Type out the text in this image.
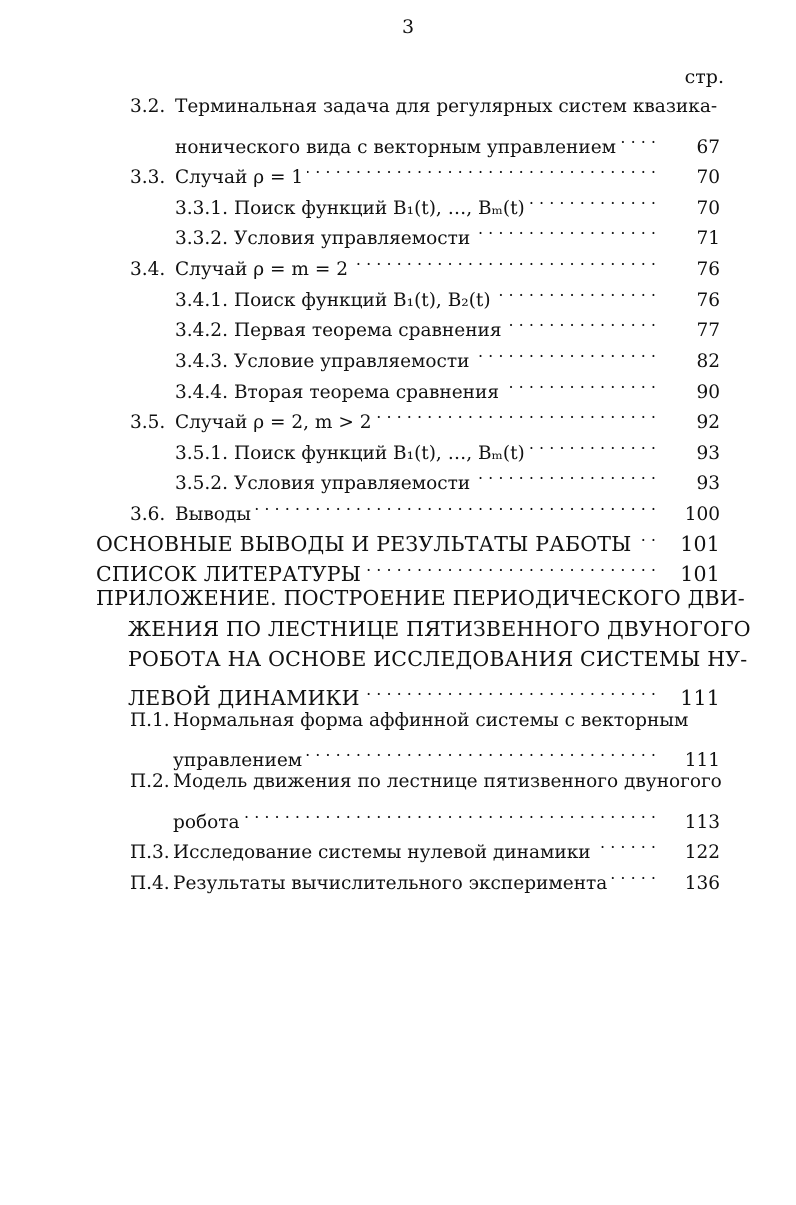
3
стр.
3.2. Терминальная задача для регулярных систем квазика-
нонического вида с векторным управлением . . .	67
3.3. Случай ρ = 1 . . .	70
3.3.1. Поиск функций B₁(t), …, Bₘ(t) . . .	70
3.3.2. Условия управляемости . . .	71
3.4. Случай ρ = m = 2 . . .	76
3.4.1. Поиск функций B₁(t), B₂(t) . . .	76
3.4.2. Первая теорема сравнения . . .	77
3.4.3. Условие управляемости . . .	82
3.4.4. Вторая теорема сравнения . . .	90
3.5. Случай ρ = 2, m > 2 . . .	92
3.5.1. Поиск функций B₁(t), …, Bₘ(t) . . .	93
3.5.2. Условия управляемости . . .	93
3.6. Выводы . . .	100
ОСНОВНЫЕ ВЫВОДЫ И РЕЗУЛЬТАТЫ РАБОТЫ . . .	101
СПИСОК ЛИТЕРАТУРЫ . . .	101
ПРИЛОЖЕНИЕ. ПОСТРОЕНИЕ ПЕРИОДИЧЕСКОГО ДВИ-
ЖЕНИЯ ПО ЛЕСТНИЦЕ ПЯТИЗВЕННОГО ДВУНОГОГО
РОБОТА НА ОСНОВЕ ИССЛЕДОВАНИЯ СИСТЕМЫ НУ-
ЛЕВОЙ ДИНАМИКИ . . .	111
П.1. Нормальная форма аффинной системы с векторным
управлением . . .	111
П.2. Модель движения по лестнице пятизвенного двуногого
робота . . .	113
П.3. Исследование системы нулевой динамики . . .	122
П.4. Результаты вычислительного эксперимента . . .	136
